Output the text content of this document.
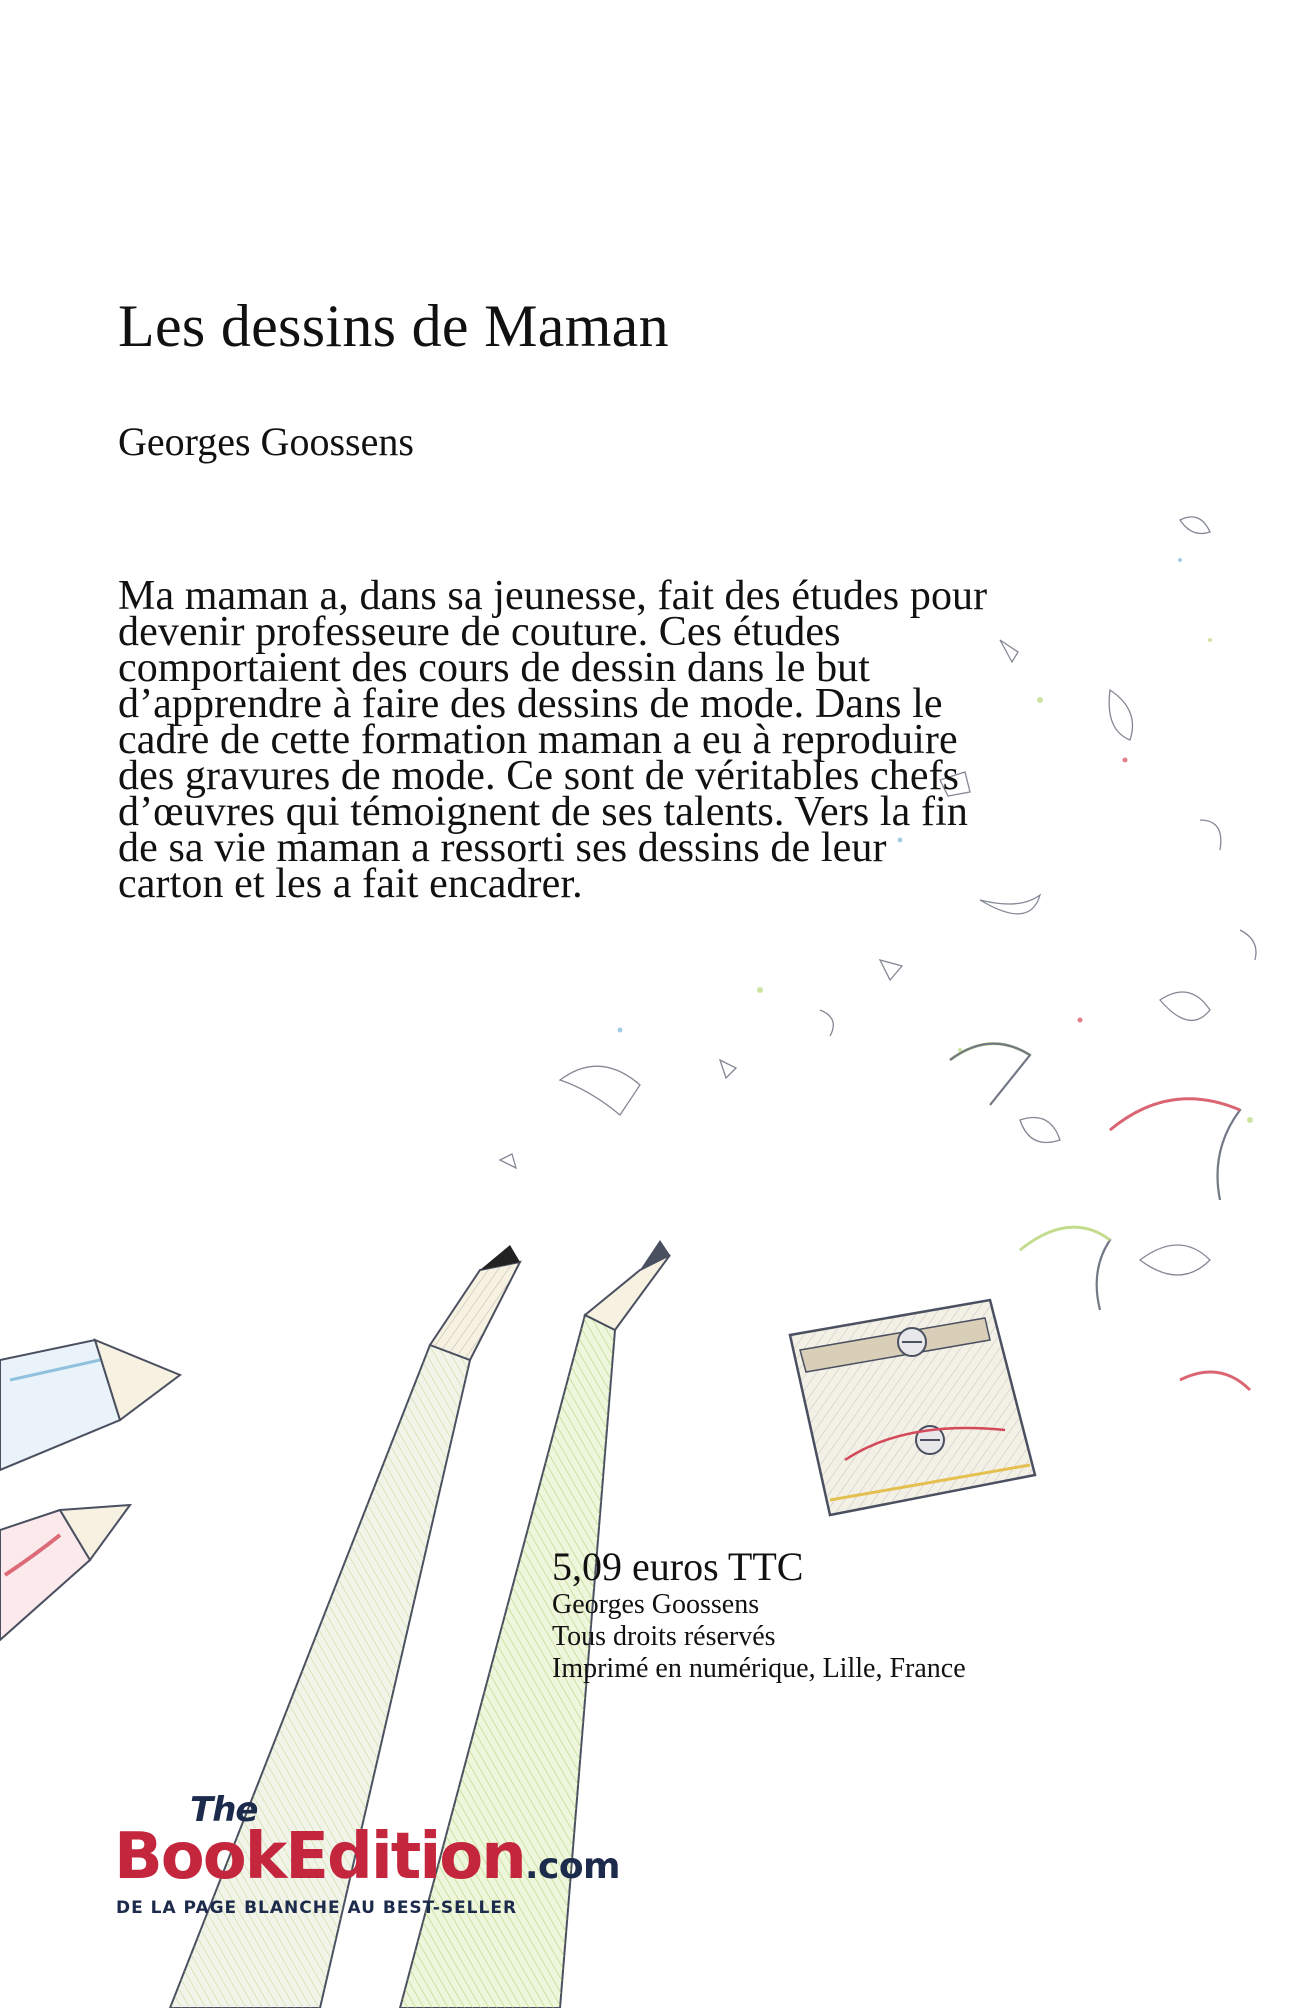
Les dessins de Maman
Georges Goossens

Ma maman a, dans sa jeunesse, fait des études pour devenir professeure de couture. Ces études comportaient des cours de dessin dans le but d’apprendre à faire des dessins de mode. Dans le cadre de cette formation maman a eu à reproduire des gravures de mode. Ce sont de véritables chefs d’œuvres qui témoignent de ses talents. Vers la fin de sa vie maman a ressorti ses dessins de leur carton et les a fait encadrer.

5,09 euros TTC
Georges Goossens
Tous droits réservés
Imprimé en numérique, Lille, France
The
BookEdition.com
DE LA PAGE BLANCHE AU BEST-SELLER
